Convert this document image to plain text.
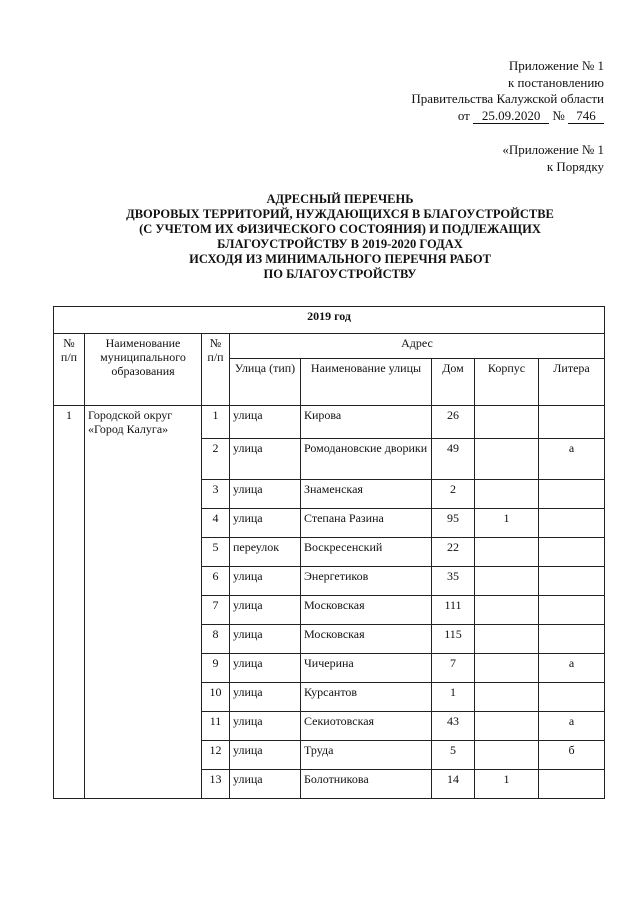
Приложение № 1
к постановлению
Правительства Калужской области
от 25.09.2020 № 746
«Приложение № 1
к Порядку
АДРЕСНЫЙ ПЕРЕЧЕНЬ
ДВОРОВЫХ ТЕРРИТОРИЙ, НУЖДАЮЩИХСЯ В БЛАГОУСТРОЙСТВЕ
(С УЧЕТОМ ИХ ФИЗИЧЕСКОГО СОСТОЯНИЯ) И ПОДЛЕЖАЩИХ
БЛАГОУСТРОЙСТВУ В 2019-2020 ГОДАХ
ИСХОДЯ ИЗ МИНИМАЛЬНОГО ПЕРЕЧНЯ РАБОТ
ПО БЛАГОУСТРОЙСТВУ
2019 год							
№ п/п	Наименование муниципального образования	№ п/п	Адрес				
			Улица (тип)	Наименование улицы	Дом	Корпус	Литера
1	Городской округ «Город Калуга»	1	улица	Кирова	26		
		2	улица	Ромодановские дворики	49		а
		3	улица	Знаменская	2		
		4	улица	Степана Разина	95	1	
		5	переулок	Воскресенский	22		
		6	улица	Энергетиков	35		
		7	улица	Московская	111		
		8	улица	Московская	115		
		9	улица	Чичерина	7		а
		10	улица	Курсантов	1		
		11	улица	Секиотовская	43		а
		12	улица	Труда	5		б
		13	улица	Болотникова	14	1	
